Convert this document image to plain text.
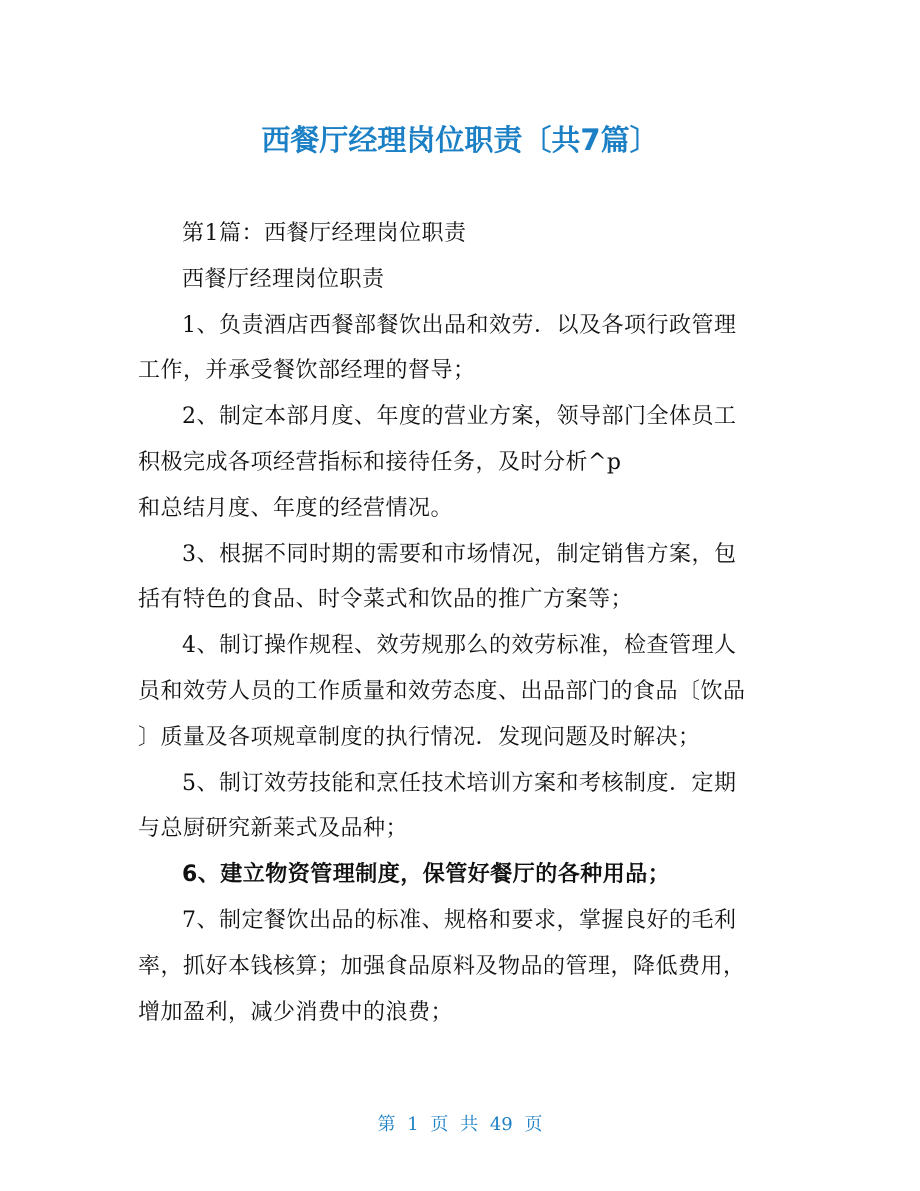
西餐厅经理岗位职责〔共7篇〕
第1篇：西餐厅经理岗位职责
西餐厅经理岗位职责
1、负责酒店西餐部餐饮出品和效劳．以及各项行政管理
工作，并承受餐饮部经理的督导；
2、制定本部月度、年度的营业方案，领导部门全体员工
积极完成各项经营指标和接待任务，及时分析^p
和总结月度、年度的经营情况。
3、根据不同时期的需要和市场情况，制定销售方案，包
括有特色的食品、时令菜式和饮品的推广方案等；
4、制订操作规程、效劳规那么的效劳标准，检查管理人
员和效劳人员的工作质量和效劳态度、出品部门的食品〔饮品
〕质量及各项规章制度的执行情况．发现问题及时解决；
5、制订效劳技能和烹任技术培训方案和考核制度．定期
与总厨研究新莱式及品种；
6、建立物资管理制度，保管好餐厅的各种用品；
7、制定餐饮出品的标准、规格和要求，掌握良好的毛利
率，抓好本钱核算；加强食品原料及物品的管理，降低费用，
增加盈利，减少消费中的浪费；
第 1 页 共 49 页
